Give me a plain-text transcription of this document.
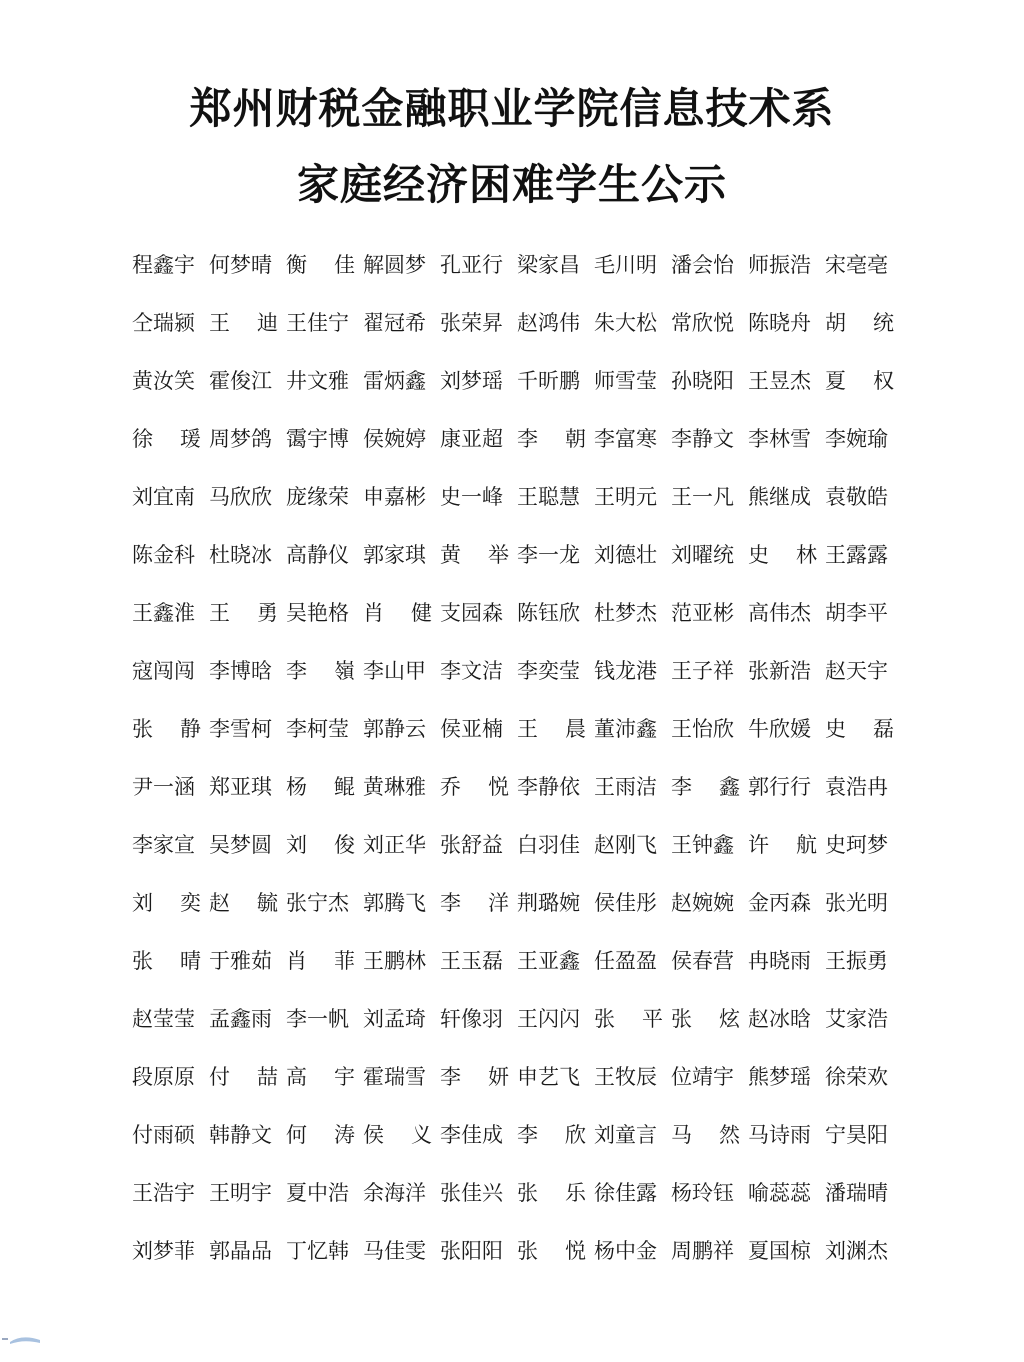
郑州财税金融职业学院信息技术系
家庭经济困难学生公示
程鑫宇 何梦晴 衡 佳 解圆梦 孔亚行 梁家昌 毛川明 潘会怡 师振浩 宋亳亳
仝瑞颍 王 迪 王佳宁 翟冠希 张荣昇 赵鸿伟 朱大松 常欣悦 陈晓舟 胡 统
黄汝笑 霍俊江 井文雅 雷炳鑫 刘梦瑶 千昕鹏 师雪莹 孙晓阳 王昱杰 夏 权
徐 瑗 周梦鸽 霭宇博 侯婉婷 康亚超 李 朝 李富寒 李静文 李林雪 李婉瑜
刘宜南 马欣欣 庞缘荣 申嘉彬 史一峰 王聪慧 王明元 王一凡 熊继成 袁敬皓
陈金科 杜晓冰 高静仪 郭家琪 黄 举 李一龙 刘德壮 刘曜统 史 林 王露露
王鑫淮 王 勇 吴艳格 肖 健 支园森 陈钰欣 杜梦杰 范亚彬 高伟杰 胡李平
寇闯闯 李博晗 李 嶺 李山甲 李文洁 李奕莹 钱龙港 王子祥 张新浩 赵天宇
张 静 李雪柯 李柯莹 郭静云 侯亚楠 王 晨 董沛鑫 王怡欣 牛欣媛 史 磊
尹一涵 郑亚琪 杨 鲲 黄琳雅 乔 悦 李静依 王雨洁 李 鑫 郭行行 袁浩冉
李家宣 吴梦圆 刘 俊 刘正华 张舒益 白羽佳 赵刚飞 王钟鑫 许 航 史珂梦
刘 奕 赵 毓 张宁杰 郭腾飞 李 洋 荆璐婉 侯佳彤 赵婉婉 金丙森 张光明
张 晴 于雅茹 肖 菲 王鹏林 王玉磊 王亚鑫 任盈盈 侯春营 冉晓雨 王振勇
赵莹莹 孟鑫雨 李一帆 刘孟琦 轩像羽 王闪闪 张 平 张 炫 赵冰晗 艾家浩
段原原 付 喆 高 宇 霍瑞雪 李 妍 申艺飞 王牧辰 位靖宇 熊梦瑶 徐荣欢
付雨硕 韩静文 何 涛 侯 义 李佳成 李 欣 刘童言 马 然 马诗雨 宁昊阳
王浩宇 王明宇 夏中浩 余海洋 张佳兴 张 乐 徐佳露 杨玲钰 喻蕊蕊 潘瑞晴
刘梦菲 郭晶品 丁忆韩 马佳雯 张阳阳 张 悦 杨中金 周鹏祥 夏国椋 刘渊杰
